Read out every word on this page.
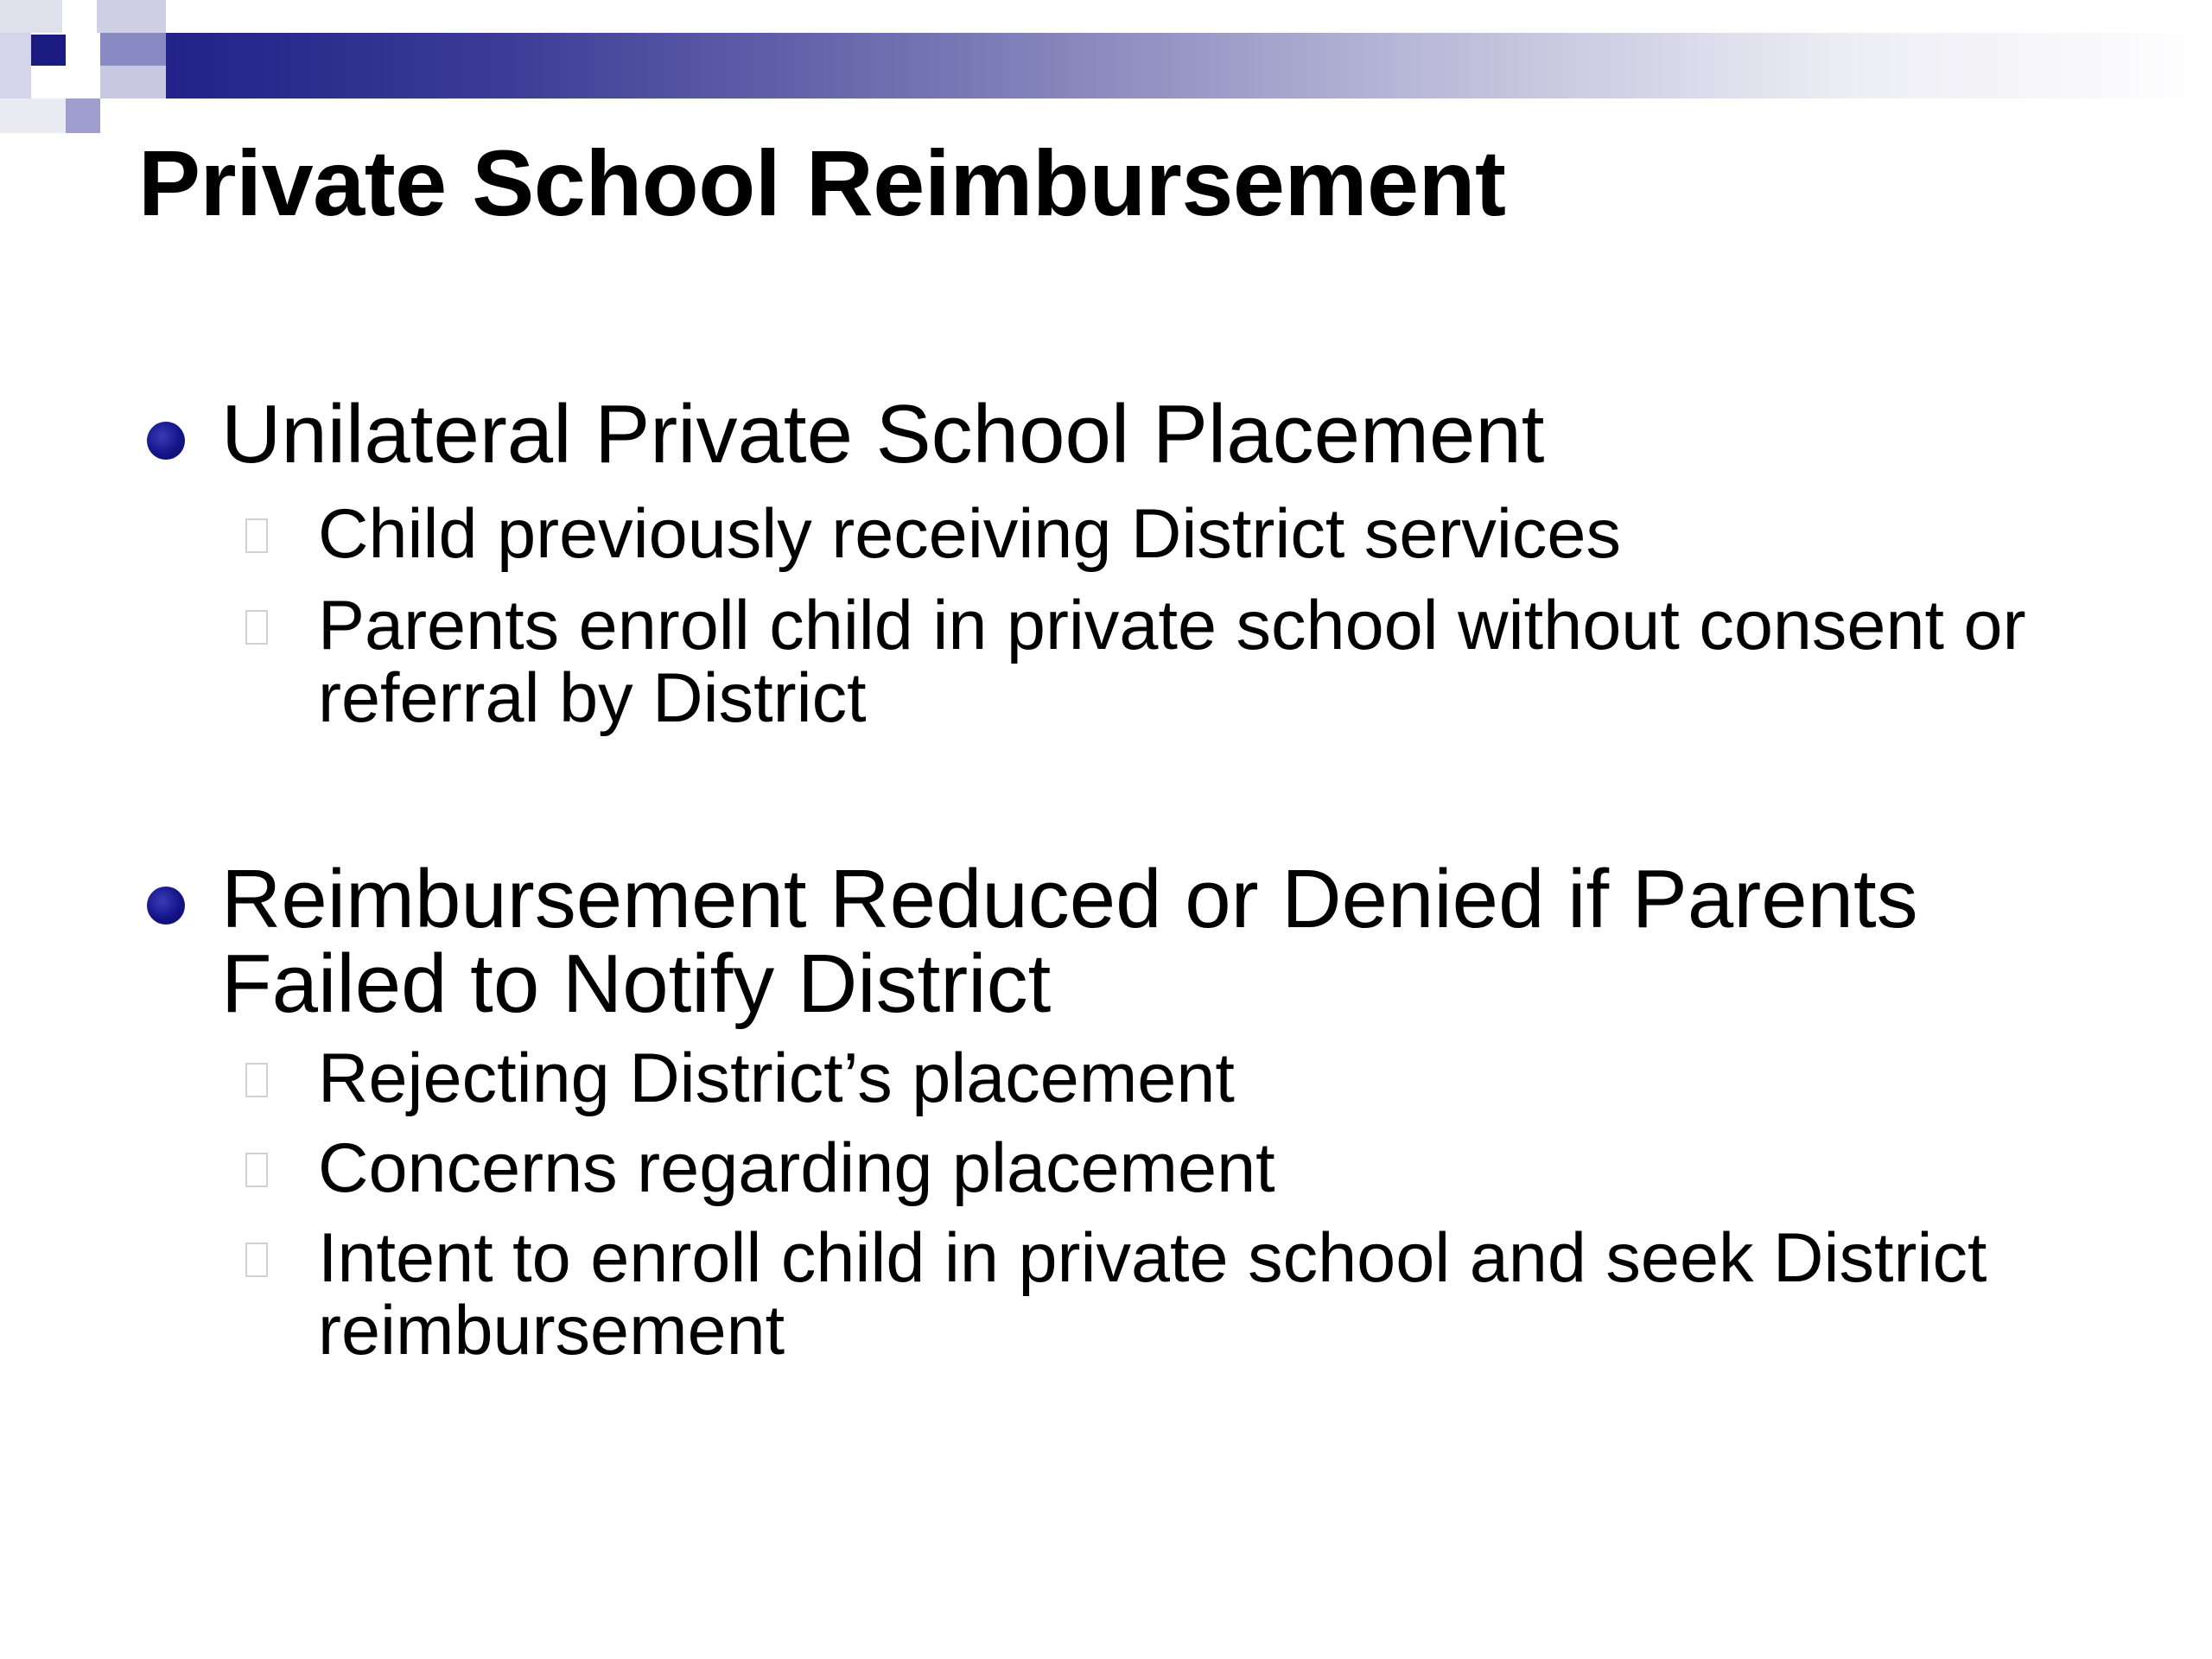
Private School Reimbursement
Unilateral Private School Placement
Child previously receiving District services
Parents enroll child in private school without consent or referral by District
Reimbursement Reduced or Denied if Parents Failed to Notify District
Rejecting District’s placement
Concerns regarding placement
Intent to enroll child in private school and seek District reimbursement
